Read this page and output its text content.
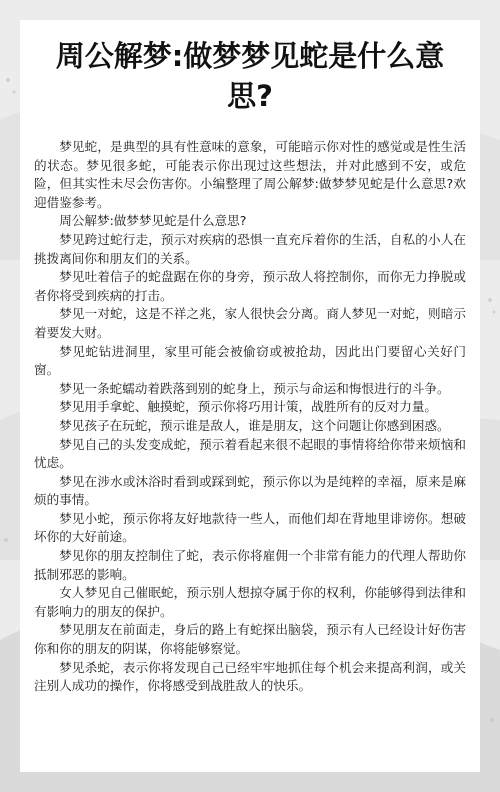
周公解梦:做梦梦见蛇是什么意思?

梦见蛇，是典型的具有性意味的意象，可能暗示你对性的感觉或是性生活的状态。梦见很多蛇，可能表示你出现过这些想法，并对此感到不安，或危险，但其实性未尽会伤害你。小编整理了周公解梦:做梦梦见蛇是什么意思?欢迎借鉴参考。

周公解梦:做梦梦见蛇是什么意思?

梦见跨过蛇行走，预示对疾病的恐惧一直充斥着你的生活，自私的小人在挑拨离间你和朋友们的关系。

梦见吐着信子的蛇盘踞在你的身旁，预示敌人将控制你，而你无力挣脱或者你将受到疾病的打击。

梦见一对蛇，这是不祥之兆，家人很快会分离。商人梦见一对蛇，则暗示着要发大财。

梦见蛇钻进洞里，家里可能会被偷窃或被抢劫，因此出门要留心关好门窗。

梦见一条蛇蠕动着跌落到别的蛇身上，预示与命运和悔恨进行的斗争。

梦见用手拿蛇、触摸蛇，预示你将巧用计策，战胜所有的反对力量。

梦见孩子在玩蛇，预示谁是敌人，谁是朋友，这个问题让你感到困惑。

梦见自己的头发变成蛇，预示着看起来很不起眼的事情将给你带来烦恼和忧虑。

梦见在涉水或沐浴时看到或踩到蛇，预示你以为是纯粹的幸福，原来是麻烦的事情。

梦见小蛇，预示你将友好地款待一些人，而他们却在背地里诽谤你。想破坏你的大好前途。

梦见你的朋友控制住了蛇，表示你将雇佣一个非常有能力的代理人帮助你抵制邪恶的影响。

女人梦见自己催眠蛇，预示别人想掠夺属于你的权利，你能够得到法律和有影响力的朋友的保护。

梦见朋友在前面走，身后的路上有蛇探出脑袋，预示有人已经设计好伤害你和你的朋友的阴谋，你将能够察觉。

梦见杀蛇，表示你将发现自己已经牢牢地抓住每个机会来提高利润，或关注别人成功的操作，你将感受到战胜敌人的快乐。
